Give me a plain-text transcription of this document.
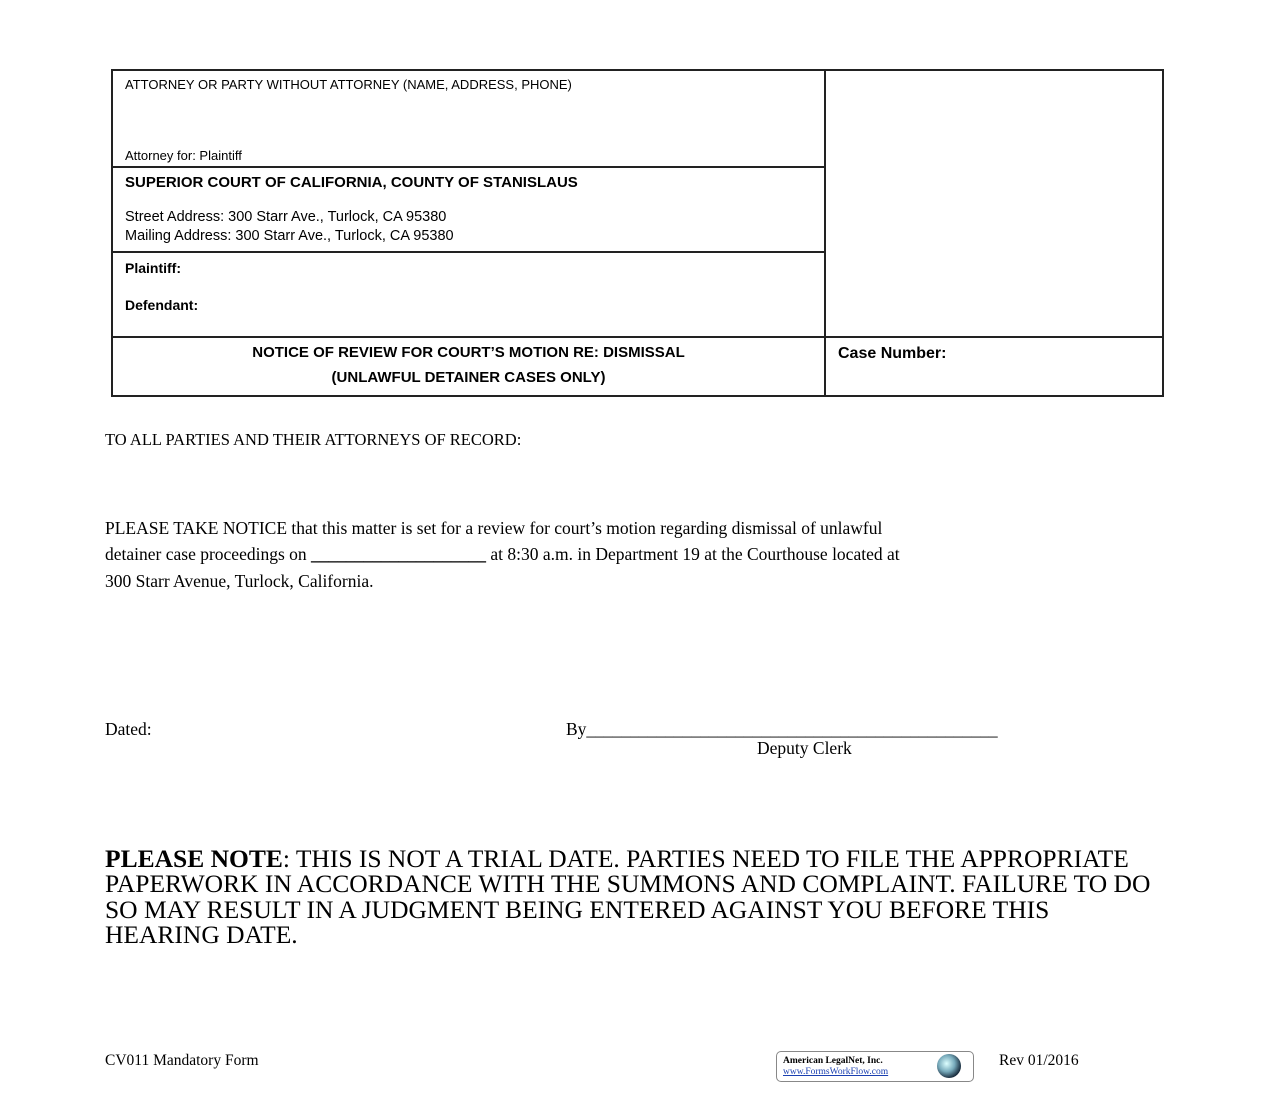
ATTORNEY OR PARTY WITHOUT ATTORNEY (NAME, ADDRESS, PHONE)
Attorney for: Plaintiff
SUPERIOR COURT OF CALIFORNIA, COUNTY OF STANISLAUS
Street Address: 300 Starr Ave., Turlock, CA 95380
Mailing Address: 300 Starr Ave., Turlock, CA 95380
Plaintiff:
Defendant:
NOTICE OF REVIEW FOR COURT’S MOTION RE: DISMISSAL
(UNLAWFUL DETAINER CASES ONLY)
Case Number:
TO ALL PARTIES AND THEIR ATTORNEYS OF RECORD:
PLEASE TAKE NOTICE that this matter is set for a review for court’s motion regarding dismissal of unlawful
detainer case proceedings on ____________________ at 8:30 a.m. in Department 19 at the Courthouse located at
300 Starr Avenue, Turlock, California.
Dated:	By_______________________________________________
Deputy Clerk
PLEASE NOTE: THIS IS NOT A TRIAL DATE. PARTIES NEED TO FILE THE APPROPRIATE PAPERWORK IN ACCORDANCE WITH THE SUMMONS AND COMPLAINT. FAILURE TO DO SO MAY RESULT IN A JUDGMENT BEING ENTERED AGAINST YOU BEFORE THIS HEARING DATE.
CV011 Mandatory Form	American LegalNet, Inc.
www.FormsWorkFlow.com
Rev 01/2016
